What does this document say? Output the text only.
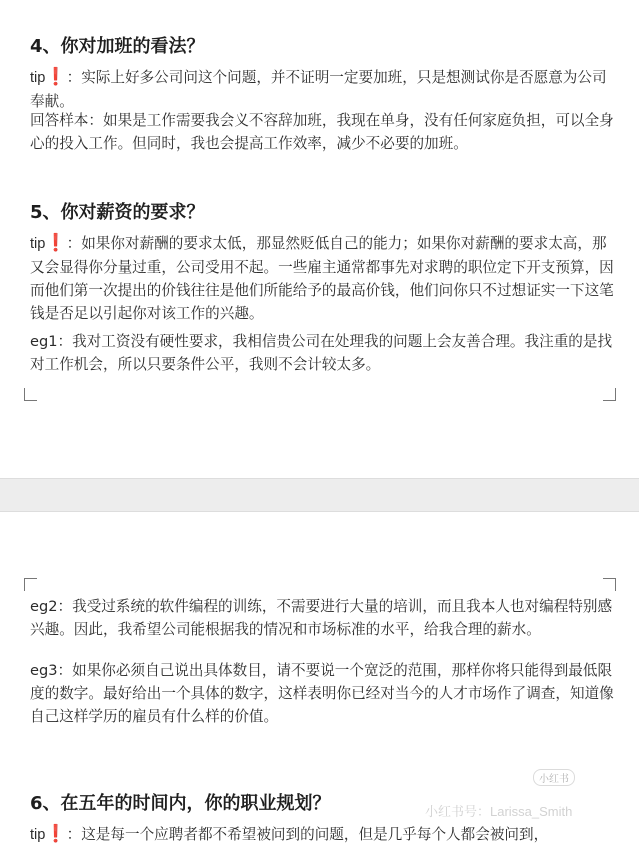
4、你对加班的看法？
tip❗：实际上好多公司问这个问题，并不证明一定要加班，只是想测试你是否愿意为公司奉献。
回答样本：如果是工作需要我会义不容辞加班，我现在单身，没有任何家庭负担，可以全身心的投入工作。但同时，我也会提高工作效率，减少不必要的加班。
5、你对薪资的要求？
tip❗：如果你对薪酬的要求太低，那显然贬低自己的能力；如果你对薪酬的要求太高，那又会显得你分量过重，公司受用不起。一些雇主通常都事先对求聘的职位定下开支预算，因而他们第一次提出的价钱往往是他们所能给予的最高价钱，他们问你只不过想证实一下这笔钱是否足以引起你对该工作的兴趣。
eg1：我对工资没有硬性要求，我相信贵公司在处理我的问题上会友善合理。我注重的是找对工作机会，所以只要条件公平，我则不会计较太多。
eg2：我受过系统的软件编程的训练，不需要进行大量的培训，而且我本人也对编程特别感兴趣。因此，我希望公司能根据我的情况和市场标准的水平，给我合理的薪水。
eg3：如果你必须自己说出具体数目，请不要说一个宽泛的范围，那样你将只能得到最低限度的数字。最好给出一个具体的数字，这样表明你已经对当今的人才市场作了调查，知道像自己这样学历的雇员有什么样的价值。
6、在五年的时间内，你的职业规划？
tip❗：这是每一个应聘者都不希望被问到的问题，但是几乎每个人都会被问到，
小红书
小红书号：Larissa_Smith
